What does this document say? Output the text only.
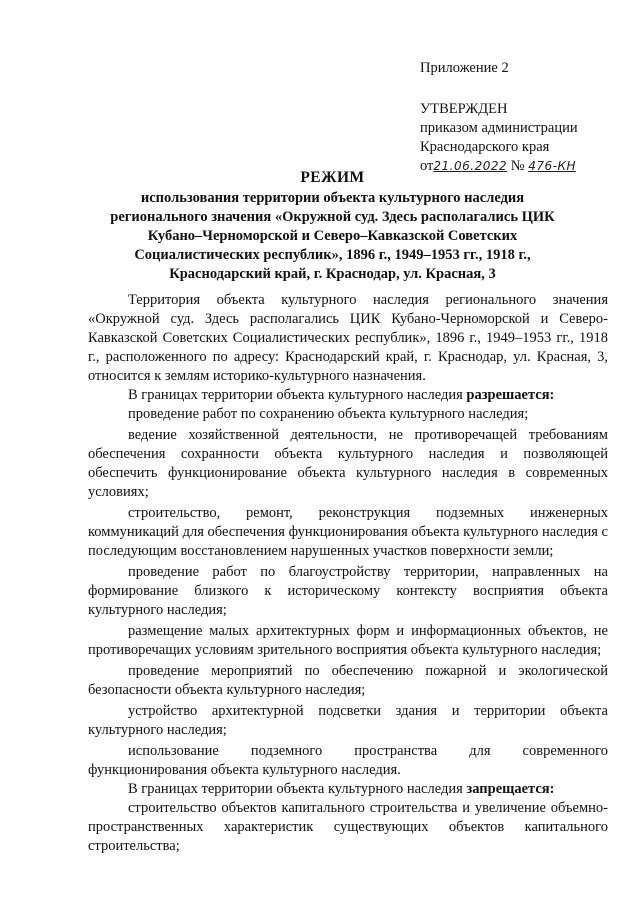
Приложение 2
УТВЕРЖДЕН
приказом администрации
Краснодарского края
от21.06.2022 № 476-КН
РЕЖИМ
использования территории объекта культурного наследия
регионального значения «Окружной суд. Здесь располагались ЦИК
Кубано–Черноморской и Северо–Кавказской Советских
Социалистических республик», 1896 г., 1949–1953 гг., 1918 г.,
Краснодарский край, г. Краснодар, ул. Красная, 3

Территория объекта культурного наследия регионального значения «Окружной суд. Здесь располагались ЦИК Кубано-Черноморской и Северо-Кавказской Советских Социалистических республик», 1896 г., 1949–1953 гг., 1918 г., расположенного по адресу: Краснодарский край, г. Краснодар, ул. Красная, 3, относится к землям историко-культурного назначения.

В границах территории объекта культурного наследия разрешается:

проведение работ по сохранению объекта культурного наследия;

ведение хозяйственной деятельности, не противоречащей требованиям обеспечения сохранности объекта культурного наследия и позволяющей обеспечить функционирование объекта культурного наследия в современных условиях;

строительство, ремонт, реконструкция подземных инженерных коммуникаций для обеспечения функционирования объекта культурного наследия с последующим восстановлением нарушенных участков поверхности земли;

проведение работ по благоустройству территории, направленных на формирование близкого к историческому контексту восприятия объекта культурного наследия;

размещение малых архитектурных форм и информационных объектов, не противоречащих условиям зрительного восприятия объекта культурного наследия;

проведение мероприятий по обеспечению пожарной и экологической безопасности объекта культурного наследия;

устройство архитектурной подсветки здания и территории объекта культурного наследия;

использование подземного пространства для современного функционирования объекта культурного наследия.

В границах территории объекта культурного наследия запрещается:

строительство объектов капитального строительства и увеличение объемно-пространственных характеристик существующих объектов капитального строительства;
